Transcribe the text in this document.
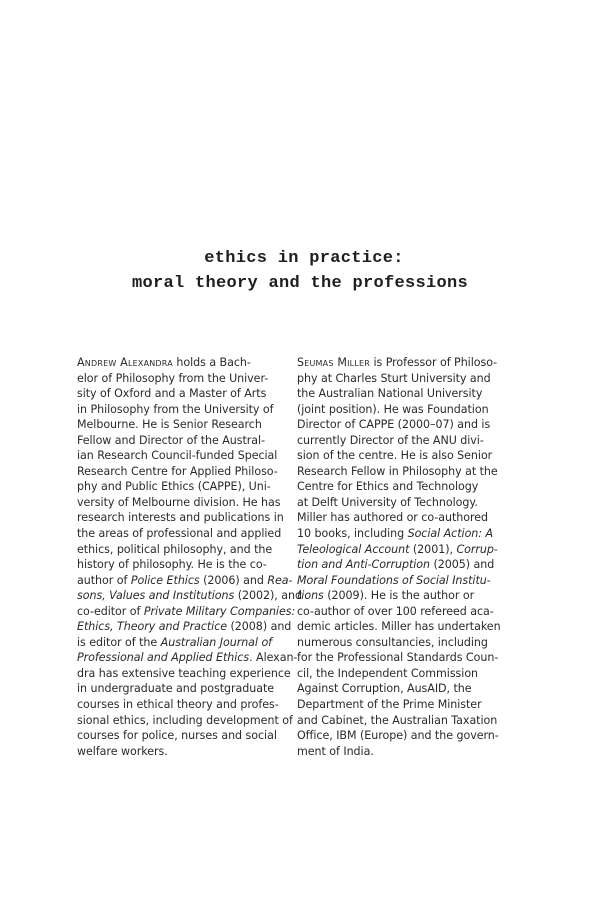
ethics in practice:
moral theory and the professions
Andrew Alexandra holds a Bach-
elor of Philosophy from the Univer-
sity of Oxford and a Master of Arts
in Philosophy from the University of
Melbourne. He is Senior Research
Fellow and Director of the Austral-
ian Research Council-funded Special
Research Centre for Applied Philoso-
phy and Public Ethics (CAPPE), Uni-
versity of Melbourne division. He has
research interests and publications in
the areas of professional and applied
ethics, political philosophy, and the
history of philosophy. He is the co-
author of Police Ethics (2006) and Rea-
sons, Values and Institutions (2002), and
co-editor of Private Military Companies:
Ethics, Theory and Practice (2008) and
is editor of the Australian Journal of
Professional and Applied Ethics. Alexan-
dra has extensive teaching experience
in undergraduate and postgraduate
courses in ethical theory and profes-
sional ethics, including development of
courses for police, nurses and social
welfare workers.
Seumas Miller is Professor of Philoso-
phy at Charles Sturt University and
the Australian National University
(joint position). He was Foundation
Director of CAPPE (2000–07) and is
currently Director of the ANU divi-
sion of the centre. He is also Senior
Research Fellow in Philosophy at the
Centre for Ethics and Technology
at Delft University of Technology.
Miller has authored or co-authored
10 books, including Social Action: A
Teleological Account (2001), Corrup-
tion and Anti-Corruption (2005) and
Moral Foundations of Social Institu-
tions (2009). He is the author or
co-author of over 100 refereed aca-
demic articles. Miller has undertaken
numerous consultancies, including
for the Professional Standards Coun-
cil, the Independent Commission
Against Corruption, AusAID, the
Department of the Prime Minister
and Cabinet, the Australian Taxation
Office, IBM (Europe) and the govern-
ment of India.
